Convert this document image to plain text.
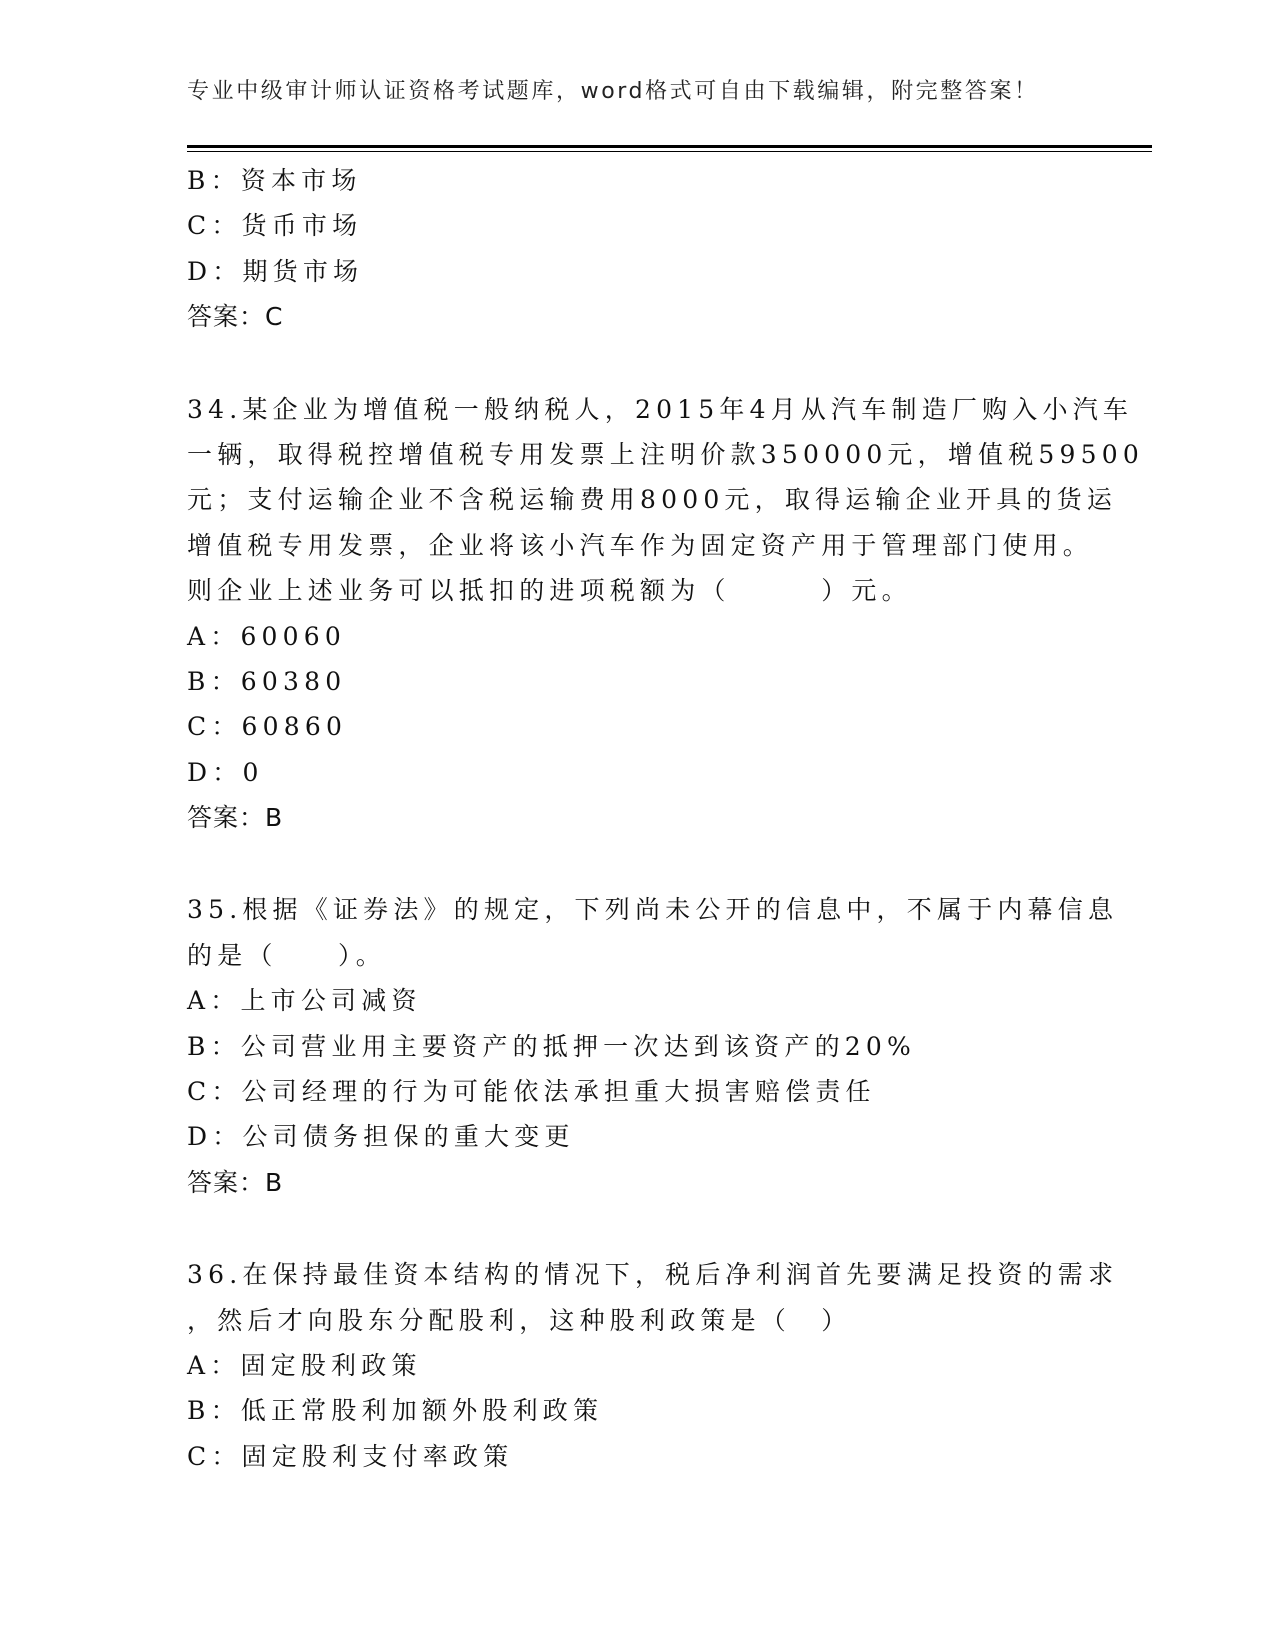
专业中级审计师认证资格考试题库，word格式可自由下载编辑，附完整答案！
B：资本市场
C：货币市场
D：期货市场
答案：C
34.某企业为增值税一般纳税人，2015年4月从汽车制造厂购入小汽车
一辆，取得税控增值税专用发票上注明价款350000元，增值税59500
元；支付运输企业不含税运输费用8000元，取得运输企业开具的货运
增值税专用发票，企业将该小汽车作为固定资产用于管理部门使用。
则企业上述业务可以抵扣的进项税额为（　　　）元。
A：60060
B：60380
C：60860
D：0
答案：B
35.根据《证券法》的规定，下列尚未公开的信息中，不属于内幕信息
的是（　　）。
A：上市公司减资
B：公司营业用主要资产的抵押一次达到该资产的20%
C：公司经理的行为可能依法承担重大损害赔偿责任
D：公司债务担保的重大变更
答案：B
36.在保持最佳资本结构的情况下，税后净利润首先要满足投资的需求
，然后才向股东分配股利，这种股利政策是（　）
A：固定股利政策
B：低正常股利加额外股利政策
C：固定股利支付率政策
